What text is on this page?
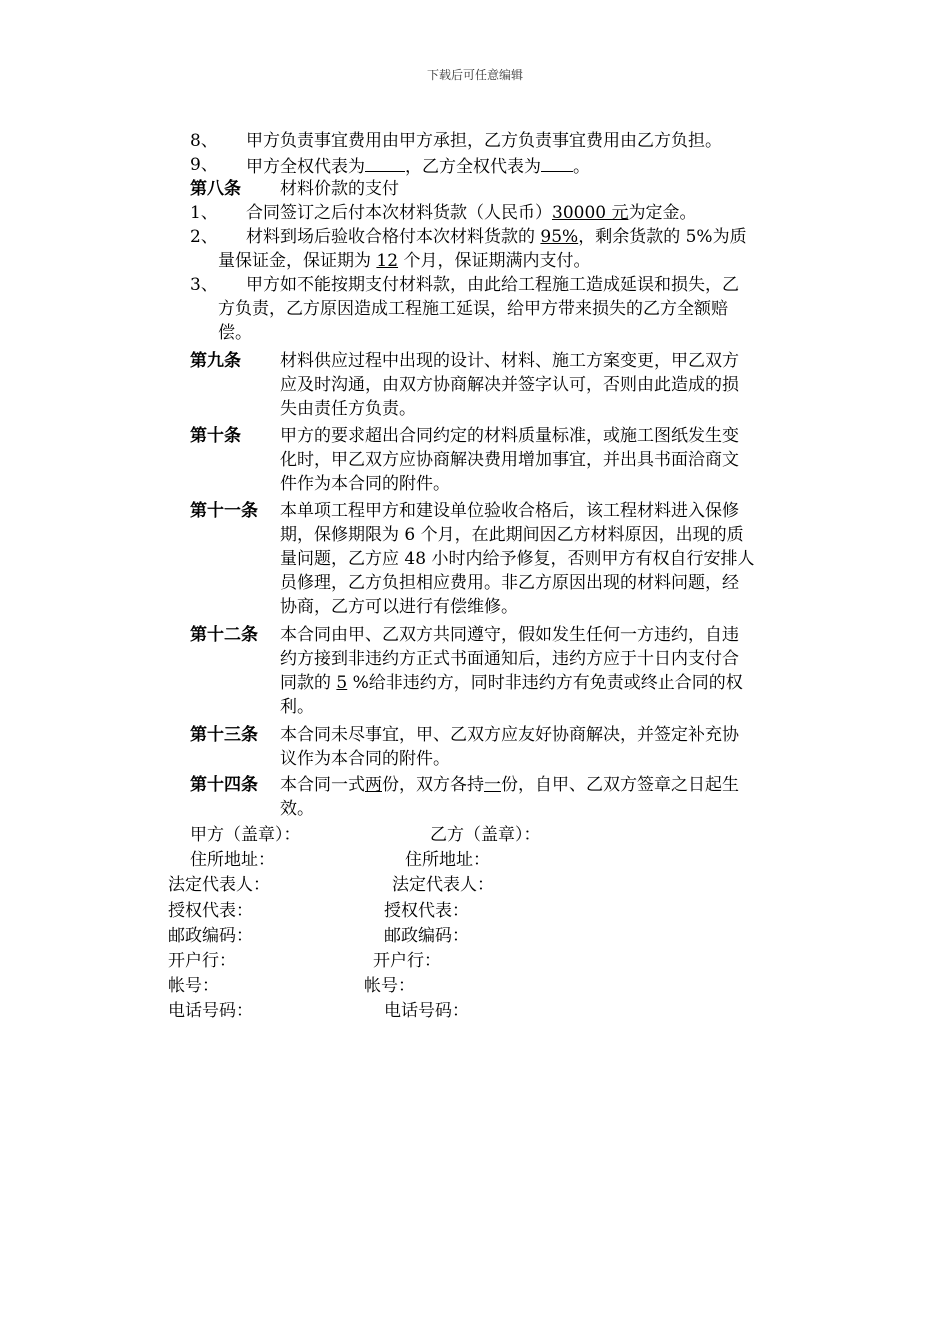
下载后可任意编辑
8、 甲方负责事宜费用由甲方承担，乙方负责事宜费用由乙方负担。
9、 甲方全权代表为 ，乙方全权代表为 。
第八条 材料价款的支付
1、 合同签订之后付本次材料货款（人民币）30000 元为定金。
2、 材料到场后验收合格付本次材料货款的 95%，剩余货款的 5%为质
量保证金，保证期为 12 个月，保证期满内支付。
3、 甲方如不能按期支付材料款，由此给工程施工造成延误和损失，乙
方负责，乙方原因造成工程施工延误，给甲方带来损失的乙方全额赔
偿。
第九条 材料供应过程中出现的设计、材料、施工方案变更，甲乙双方
应及时沟通，由双方协商解决并签字认可，否则由此造成的损
失由责任方负责。
第十条 甲方的要求超出合同约定的材料质量标准，或施工图纸发生变
化时，甲乙双方应协商解决费用增加事宜，并出具书面洽商文
件作为本合同的附件。
第十一条 本单项工程甲方和建设单位验收合格后，该工程材料进入保修
期，保修期限为 6 个月，在此期间因乙方材料原因，出现的质
量问题，乙方应 48 小时内给予修复，否则甲方有权自行安排人
员修理，乙方负担相应费用。非乙方原因出现的材料问题，经
协商，乙方可以进行有偿维修。
第十二条 本合同由甲、乙双方共同遵守，假如发生任何一方违约，自违
约方接到非违约方正式书面通知后，违约方应于十日内支付合
同款的 5 %给非违约方，同时非违约方有免责或终止合同的权
利。
第十三条 本合同未尽事宜，甲、乙双方应友好协商解决，并签定补充协
议作为本合同的附件。
第十四条 本合同一式两份，双方各持一份，自甲、乙双方签章之日起生
效。
甲方（盖章）：	乙方（盖章）：
住所地址：	住所地址：
法定代表人：	法定代表人：
授权代表：	授权代表：
邮政编码：	邮政编码：
开户行：	开户行：
帐号：	帐号：
电话号码：	电话号码：
